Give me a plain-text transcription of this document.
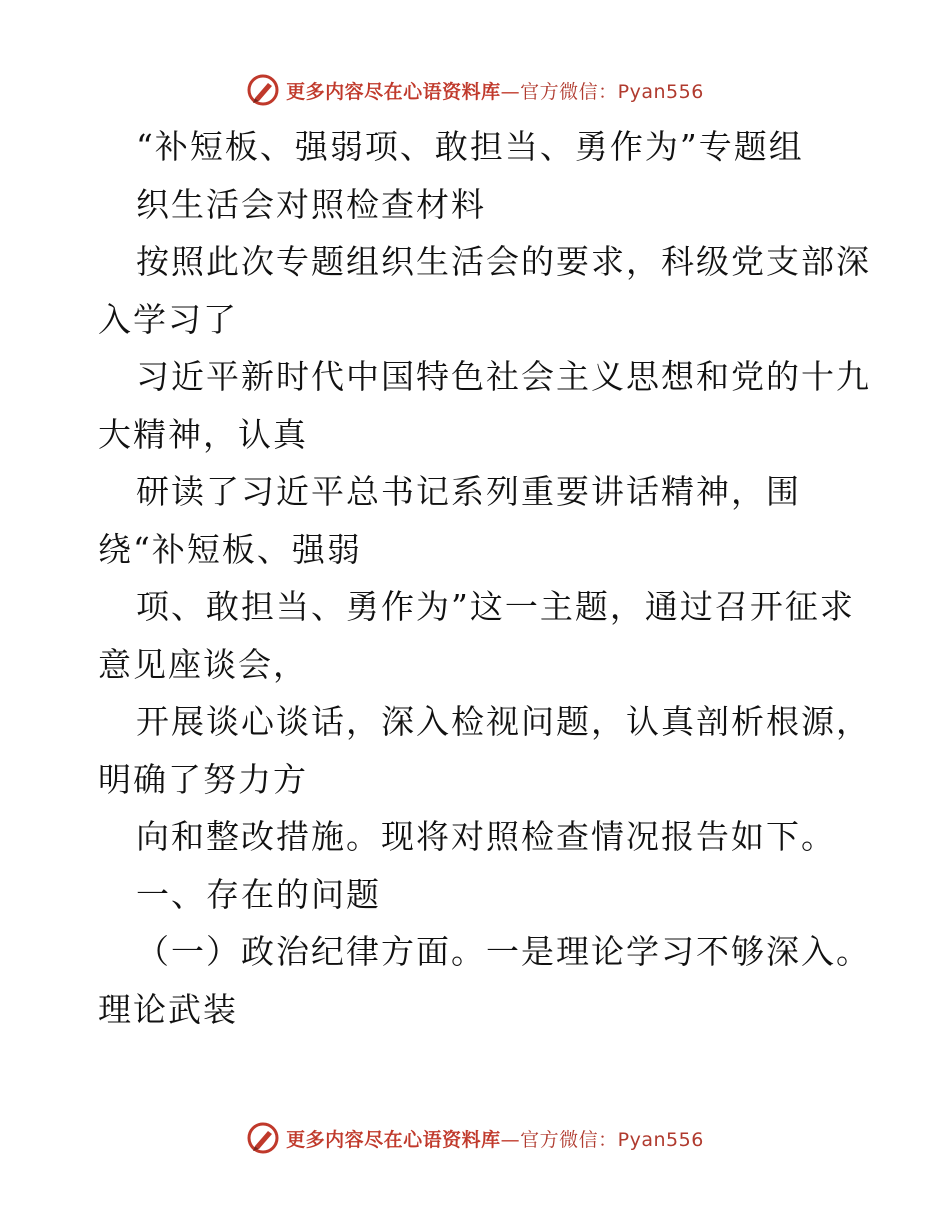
更多内容尽在心语资料库—官方微信：Pyan556
“补短板、强弱项、敢担当、勇作为”专题组
织生活会对照检查材料
按照此次专题组织生活会的要求，科级党支部深
入学习了
习近平新时代中国特色社会主义思想和党的十九
大精神，认真
研读了习近平总书记系列重要讲话精神，围
绕“补短板、强弱
项、敢担当、勇作为”这一主题，通过召开征求
意见座谈会，
开展谈心谈话，深入检视问题，认真剖析根源，
明确了努力方
向和整改措施。现将对照检查情况报告如下。
一、存在的问题
（一）政治纪律方面。一是理论学习不够深入。
理论武装
更多内容尽在心语资料库—官方微信：Pyan556
